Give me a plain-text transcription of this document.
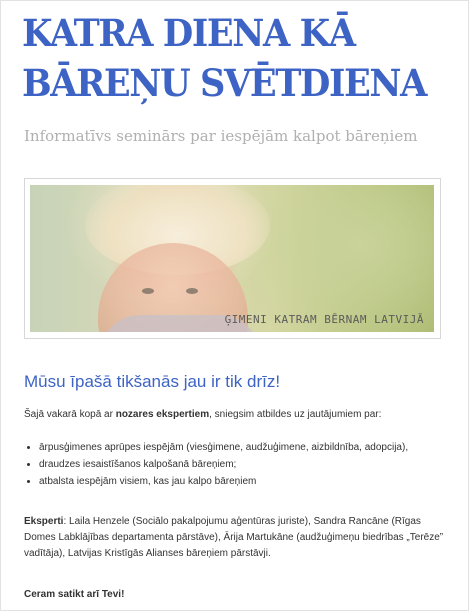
KATRA DIENA KĀ
BĀREŅU SVĒTDIENA

Informatīvs seminārs par iespējām kalpot bāreņiem

ĢIMENI KATRAM BĒRNAM LATVIJĀ
Mūsu īpašā tikšanās jau ir tik drīz!

Šajā vakarā kopā ar nozares ekspertiem, sniegsim atbildes uz jautājumiem par:

• ārpusģimenes aprūpes iespējām (viesģimene, audžuģimene, aizbildnība, adopcija),
• draudzes iesaistīšanos kalpošanā bāreņiem;
• atbalsta iespējām visiem, kas jau kalpo bāreņiem

Eksperti: Laila Henzele (Sociālo pakalpojumu aģentūras juriste), Sandra Rancāne (Rīgas Domes Labklājības departamenta pārstāve), Ārija Martukāne (audžuģimeņu biedrības „Terēze” vadītāja), Latvijas Kristīgās Alianses bāreņiem pārstāvji.

Ceram satikt arī Tevi!
